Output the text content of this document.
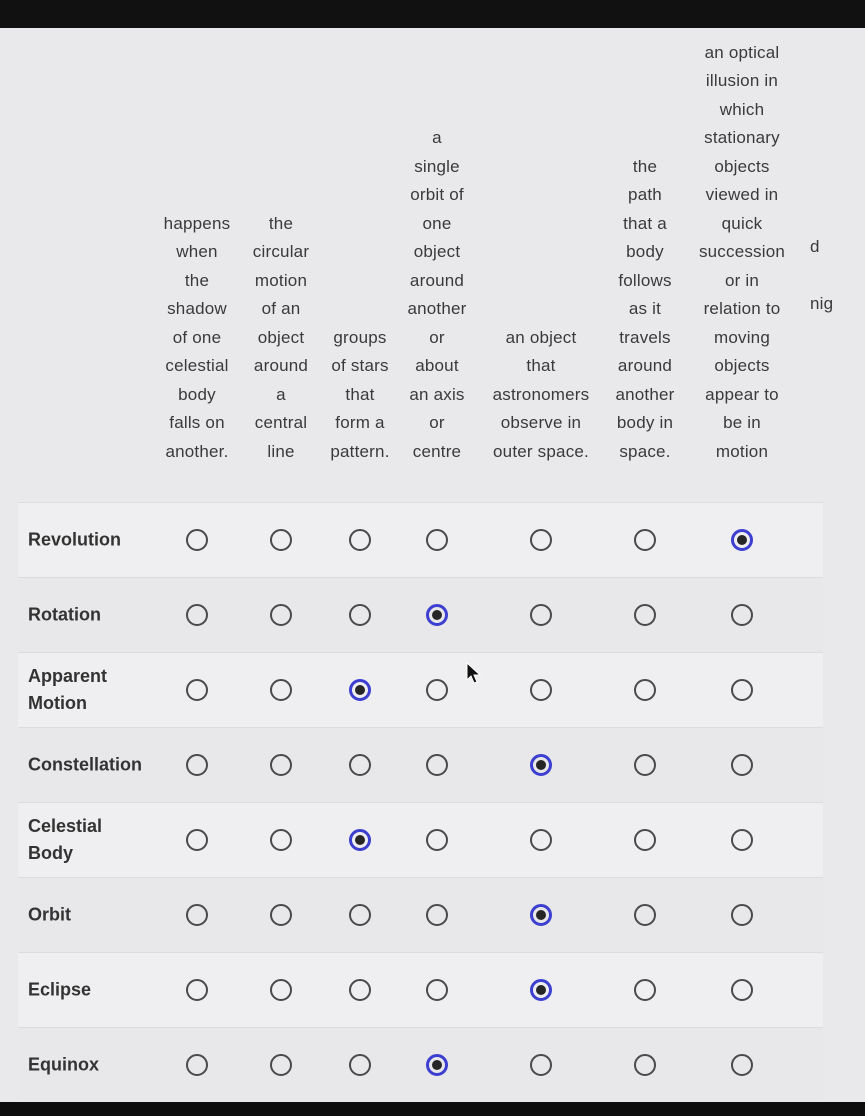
happens
when
the
shadow
of one
celestial
body
falls on
another.
the
circular
motion
of an
object
around
a
central
line
groups
of stars
that
form a
pattern.
a
single
orbit of
one
object
around
another
or
about
an axis
or
centre
an object
that
astronomers
observe in
outer space.
the
path
that a
body
follows
as it
travels
around
another
body in
space.
an optical
illusion in
which
stationary
objects
viewed in
quick
succession
or in
relation to
moving
objects
appear to
be in
motion
d
nig
Revolution
Rotation
Apparent
Motion
Constellation
Celestial
Body
Orbit
Eclipse
Equinox
